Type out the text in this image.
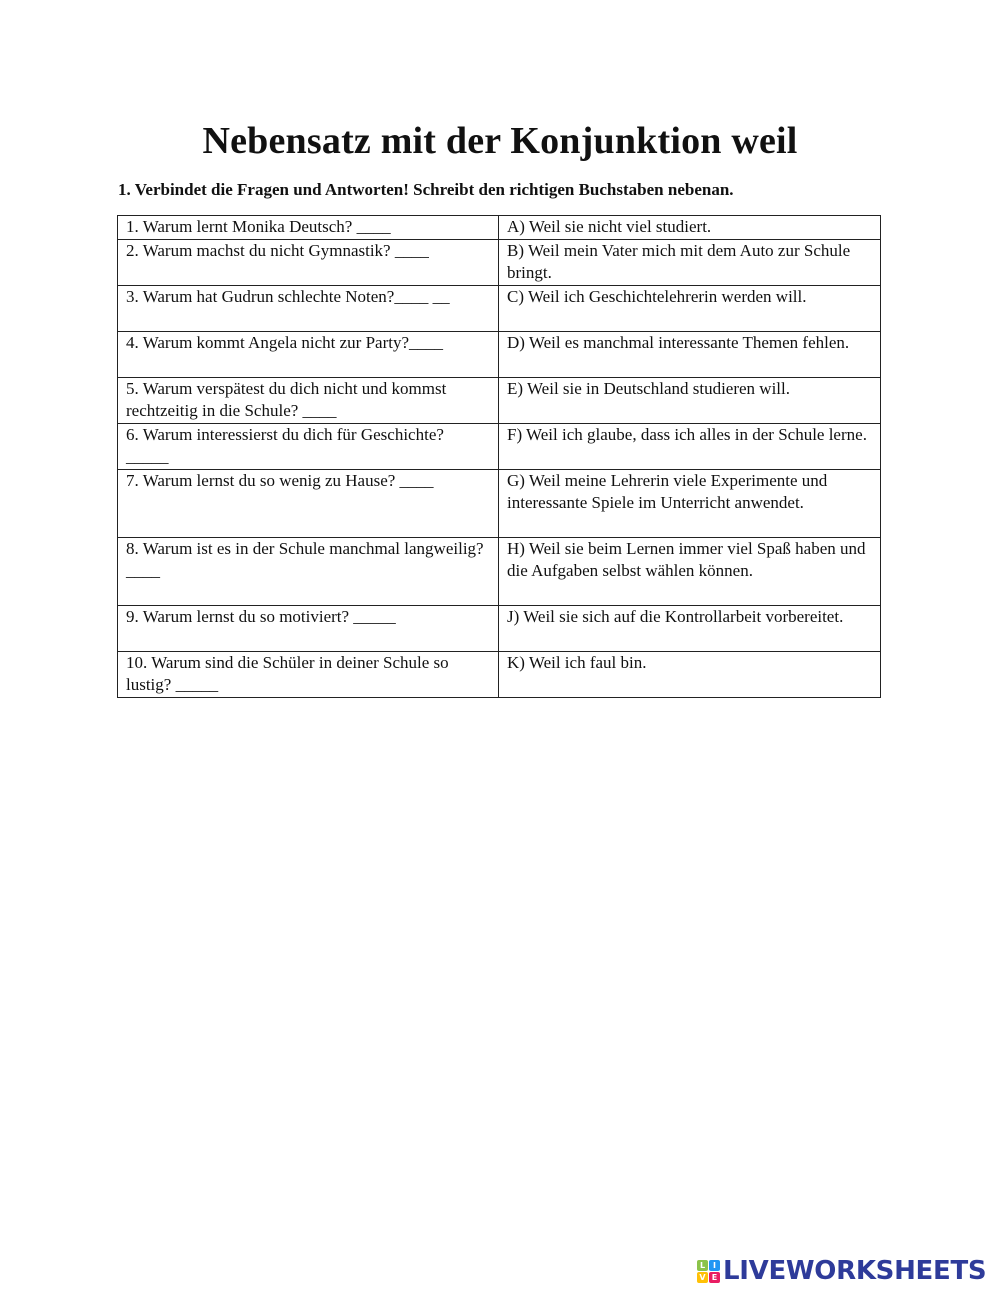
Nebensatz mit der Konjunktion weil
1. Verbindet die Fragen und Antworten! Schreibt den richtigen Buchstaben nebenan.
1. Warum lernt Monika Deutsch? ____	A) Weil sie nicht viel studiert.
2. Warum machst du nicht Gymnastik? ____	B) Weil mein Vater mich mit dem Auto zur Schule bringt.
3. Warum hat Gudrun schlechte Noten?____ __	C) Weil ich Geschichtelehrerin werden will.
4. Warum kommt Angela nicht zur Party?____	D) Weil es manchmal interessante Themen fehlen.
5. Warum verspätest du dich nicht und kommst rechtzeitig in die Schule? ____	E) Weil sie in Deutschland studieren will.
6. Warum interessierst du dich für Geschichte? _____	F) Weil ich glaube, dass ich alles in der Schule lerne.
7. Warum lernst du so wenig zu Hause? ____	G) Weil meine Lehrerin viele Experimente und interessante Spiele im Unterricht anwendet.
8. Warum ist es in der Schule manchmal langweilig? ____	H) Weil sie beim Lernen immer viel Spaß haben und die Aufgaben selbst wählen können.
9. Warum lernst du so motiviert? _____	J) Weil sie sich auf die Kontrollarbeit vorbereitet.
10. Warum sind die Schüler in deiner Schule so lustig? _____	K) Weil ich faul bin.
L I
V E LIVEWORKSHEETS
